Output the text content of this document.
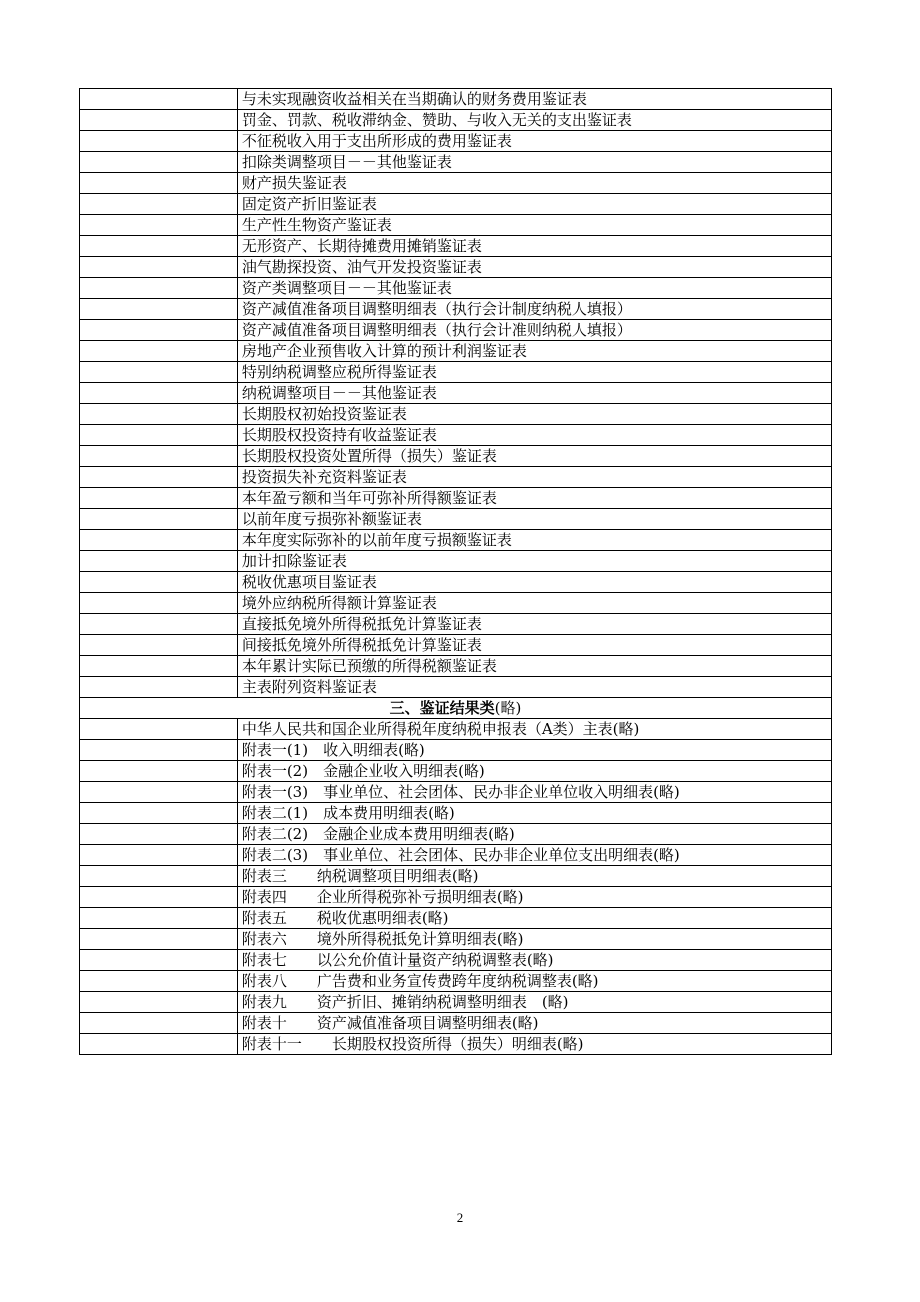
	与未实现融资收益相关在当期确认的财务费用鉴证表
	罚金、罚款、税收滞纳金、赞助、与收入无关的支出鉴证表
	不征税收入用于支出所形成的费用鉴证表
	扣除类调整项目－－其他鉴证表
	财产损失鉴证表
	固定资产折旧鉴证表
	生产性生物资产鉴证表
	无形资产、长期待摊费用摊销鉴证表
	油气勘探投资、油气开发投资鉴证表
	资产类调整项目－－其他鉴证表
	资产减值准备项目调整明细表（执行会计制度纳税人填报）
	资产减值准备项目调整明细表（执行会计准则纳税人填报）
	房地产企业预售收入计算的预计利润鉴证表
	特别纳税调整应税所得鉴证表
	纳税调整项目－－其他鉴证表
	长期股权初始投资鉴证表
	长期股权投资持有收益鉴证表
	长期股权投资处置所得（损失）鉴证表
	投资损失补充资料鉴证表
	本年盈亏额和当年可弥补所得额鉴证表
	以前年度亏损弥补额鉴证表
	本年度实际弥补的以前年度亏损额鉴证表
	加计扣除鉴证表
	税收优惠项目鉴证表
	境外应纳税所得额计算鉴证表
	直接抵免境外所得税抵免计算鉴证表
	间接抵免境外所得税抵免计算鉴证表
	本年累计实际已预缴的所得税额鉴证表
	主表附列资料鉴证表
三、鉴证结果类(略)	
	中华人民共和国企业所得税年度纳税申报表（A类）主表(略)
	附表一(1)　收入明细表(略)
	附表一(2)　金融企业收入明细表(略)
	附表一(3)　事业单位、社会团体、民办非企业单位收入明细表(略)
	附表二(1)　成本费用明细表(略)
	附表二(2)　金融企业成本费用明细表(略)
	附表二(3)　事业单位、社会团体、民办非企业单位支出明细表(略)
	附表三　　纳税调整项目明细表(略)
	附表四　　企业所得税弥补亏损明细表(略)
	附表五　　税收优惠明细表(略)
	附表六　　境外所得税抵免计算明细表(略)
	附表七　　以公允价值计量资产纳税调整表(略)
	附表八　　广告费和业务宣传费跨年度纳税调整表(略)
	附表九　　资产折旧、摊销纳税调整明细表　(略)
	附表十　　资产减值准备项目调整明细表(略)
	附表十一　　长期股权投资所得（损失）明细表(略)
2
